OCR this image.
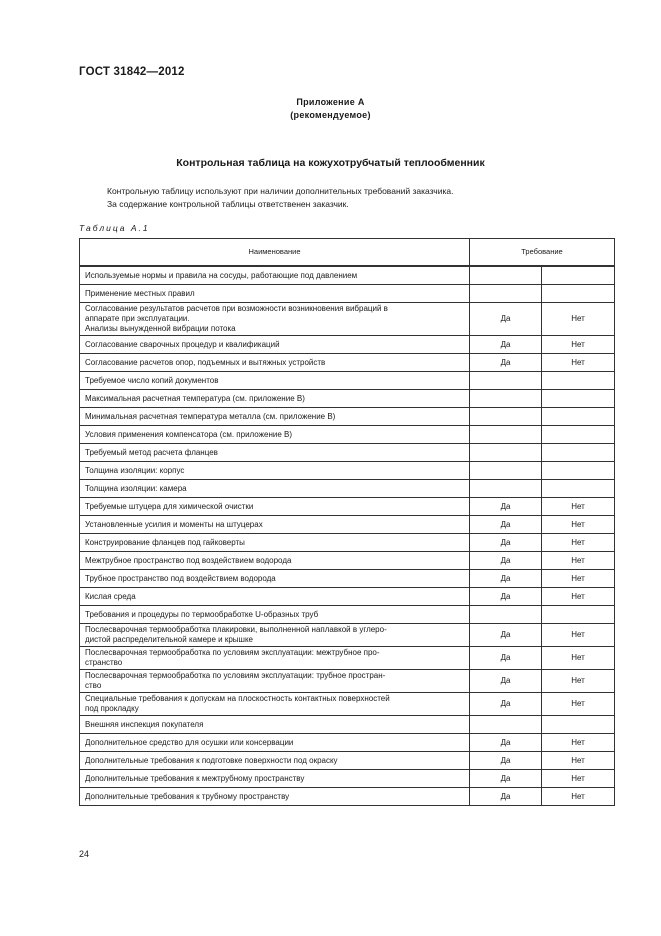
ГОСТ 31842—2012
Приложение А
(рекомендуемое)
Контрольная таблица на кожухотрубчатый теплообменник
Контрольную таблицу используют при наличии дополнительных требований заказчика.
За содержание контрольной таблицы ответственен заказчик.
Таблица А.1
Наименование	Требование	

Используемые нормы и правила на сосуды, работающие под давлением		

Применение местных правил		

Согласование результатов расчетов при возможности возникновения вибраций в
аппарате при эксплуатации.
Анализы вынужденной вибрации потока	Да	Нет

Согласование сварочных процедур и квалификаций	Да	Нет

Согласование расчетов опор, подъемных и вытяжных устройств	Да	Нет

Требуемое число копий документов		

Максимальная расчетная температура (см. приложение В)		

Минимальная расчетная температура металла (см. приложение В)		

Условия применения компенсатора (см. приложение В)		

Требуемый метод расчета фланцев		

Толщина изоляции: корпус		

Толщина изоляции: камера		

Требуемые штуцера для химической очистки	Да	Нет

Установленные усилия и моменты на штуцерах	Да	Нет

Конструирование фланцев под гайковерты	Да	Нет

Межтрубное пространство под воздействием водорода	Да	Нет

Трубное пространство под воздействием водорода	Да	Нет

Кислая среда	Да	Нет

Требования и процедуры по термообработке U-образных труб		

Послесварочная термообработка плакировки, выполненной наплавкой в углеро-
дистой распределительной камере и крышке	Да	Нет

Послесварочная термообработка по условиям эксплуатации: межтрубное про-
странство	Да	Нет

Послесварочная термообработка по условиям эксплуатации: трубное простран-
ство	Да	Нет

Специальные требования к допускам на плоскостность контактных поверхностей
под прокладку	Да	Нет

Внешняя инспекция покупателя		

Дополнительное средство для осушки или консервации	Да	Нет

Дополнительные требования к подготовке поверхности под окраску	Да	Нет

Дополнительные требования к межтрубному пространству	Да	Нет

Дополнительные требования к трубному пространству	Да	Нет
24
